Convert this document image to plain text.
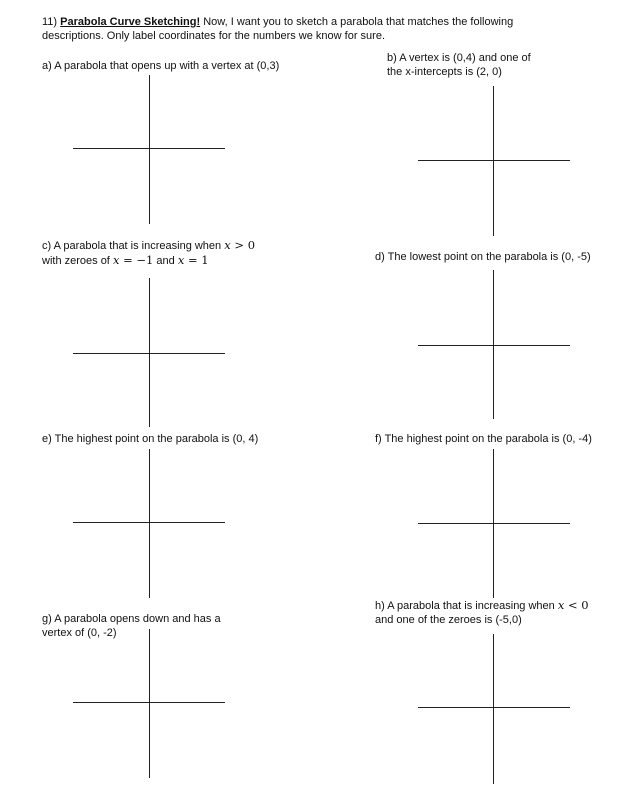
11) Parabola Curve Sketching! Now, I want you to sketch a parabola that matches the following
descriptions. Only label coordinates for the numbers we know for sure.
a) A parabola that opens up with a vertex at (0,3)
b) A vertex is (0,4) and one of
the x-intercepts is (2, 0)
c) A parabola that is increasing when x > 0
with zeroes of x = −1 and x = 1	d) The lowest point on the parabola is (0, -5)
e) The highest point on the parabola is (0, 4)	f) The highest point on the parabola is (0, -4)
g) A parabola opens down and has a
vertex of (0, -2)
h) A parabola that is increasing when x < 0
and one of the zeroes is (-5,0)
